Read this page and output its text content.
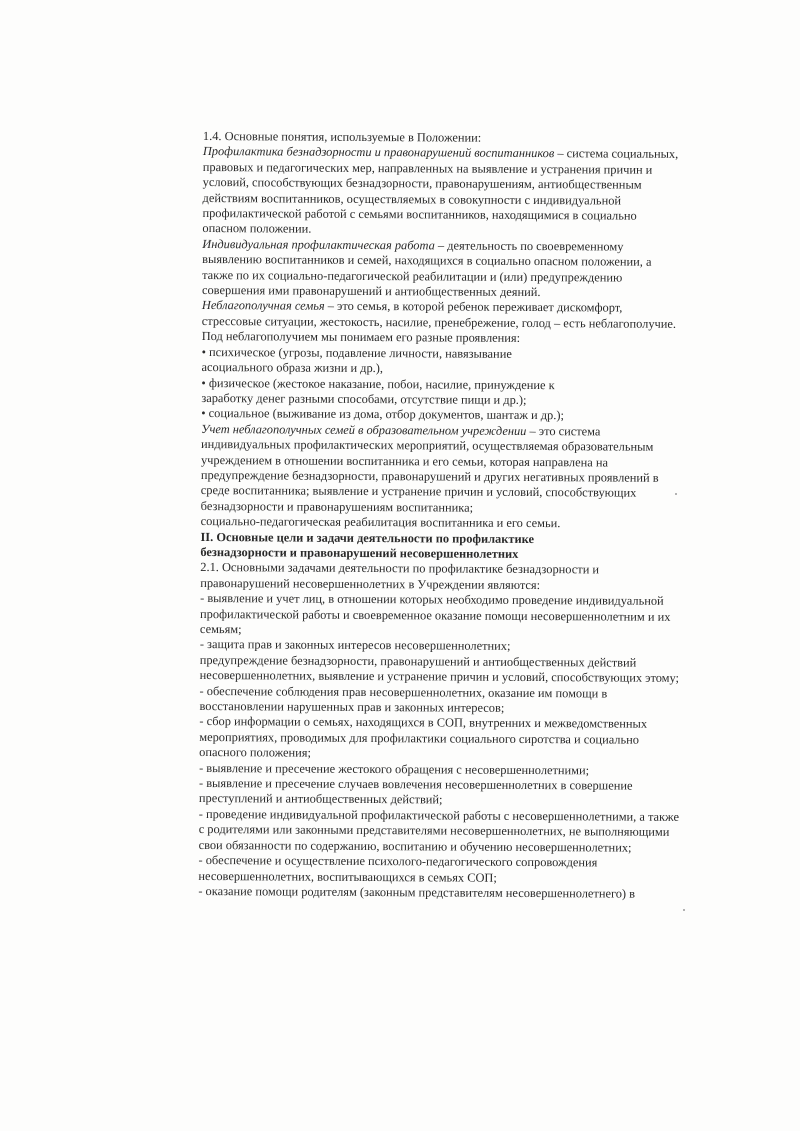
1.4. Основные понятия, используемые в Положении:
Профилактика безнадзорности и правонарушений воспитанников – система социальных,
правовых и педагогических мер, направленных на выявление и устранения причин и
условий, способствующих безнадзорности, правонарушениям, антиобщественным
действиям воспитанников, осуществляемых в совокупности с индивидуальной
профилактической работой с семьями воспитанников, находящимися в социально
опасном положении.
Индивидуальная профилактическая работа – деятельность по своевременному
выявлению воспитанников и семей, находящихся в социально опасном положении, а
также по их социально-педагогической реабилитации и (или) предупреждению
совершения ими правонарушений и антиобщественных деяний.
Неблагополучная семья – это семья, в которой ребенок переживает дискомфорт,
стрессовые ситуации, жестокость, насилие, пренебрежение, голод – есть неблагополучие.
Под неблагополучием мы понимаем его разные проявления:
• психическое (угрозы, подавление личности, навязывание
асоциального образа жизни и др.),
• физическое (жестокое наказание, побои, насилие, принуждение к
заработку денег разными способами, отсутствие пищи и др.);
• социальное (выживание из дома, отбор документов, шантаж и др.);
Учет неблагополучных семей в образовательном учреждении – это система
индивидуальных профилактических мероприятий, осуществляемая образовательным
учреждением в отношении воспитанника и его семьи, которая направлена на
предупреждение безнадзорности, правонарушений и других негативных проявлений в
среде воспитанника; выявление и устранение причин и условий, способствующих
безнадзорности и правонарушениям воспитанника;
социально-педагогическая реабилитация воспитанника и его семьи.
II. Основные цели и задачи деятельности по профилактике
безнадзорности и правонарушений несовершеннолетних
2.1. Основными задачами деятельности по профилактике безнадзорности и
правонарушений несовершеннолетних в Учреждении являются:
- выявление и учет лиц, в отношении которых необходимо проведение индивидуальной
профилактической работы и своевременное оказание помощи несовершеннолетним и их
семьям;
- защита прав и законных интересов несовершеннолетних;
предупреждение безнадзорности, правонарушений и антиобщественных действий
несовершеннолетних, выявление и устранение причин и условий, способствующих этому;
- обеспечение соблюдения прав несовершеннолетних, оказание им помощи в
восстановлении нарушенных прав и законных интересов;
- сбор информации о семьях, находящихся в СОП, внутренних и межведомственных
мероприятиях, проводимых для профилактики социального сиротства и социально
опасного положения;
- выявление и пресечение жестокого обращения с несовершеннолетними;
- выявление и пресечение случаев вовлечения несовершеннолетних в совершение
преступлений и антиобщественных действий;
- проведение индивидуальной профилактической работы с несовершеннолетними, а также
с родителями или законными представителями несовершеннолетних, не выполняющими
свои обязанности по содержанию, воспитанию и обучению несовершеннолетних;
- обеспечение и осуществление психолого-педагогического сопровождения
несовершеннолетних, воспитывающихся в семьях СОП;
- оказание помощи родителям (законным представителям несовершеннолетнего) в
